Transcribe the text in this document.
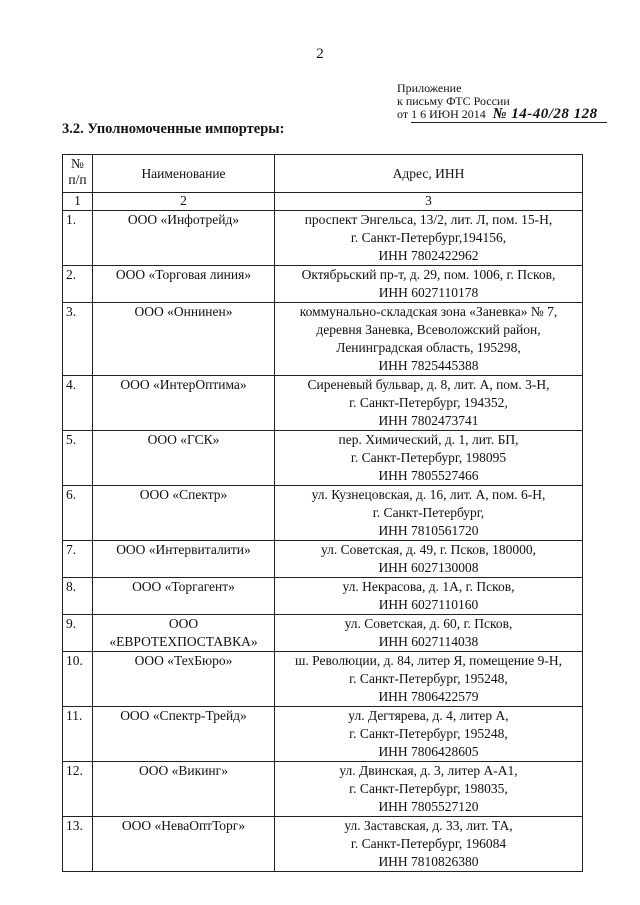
2
Приложение
к письму ФТС России
от 1 6 ИЮН 2014 № 14-40/28 128
3.2. Уполномоченные импортеры:
№ п/п	Наименование	Адрес, ИНН
1	2	3
1.	ООО «Инфотрейд»	проспект Энгельса, 13/2, лит. Л, пом. 15-Н,
г. Санкт-Петербург,194156,
ИНН 7802422962

2.	ООО «Торговая линия»	Октябрьский пр-т, д. 29, пом. 1006, г. Псков,
ИНН 6027110178

3.	ООО «Оннинен»	коммунально-складская зона «Заневка» № 7,
деревня Заневка, Всеволожский район,
Ленинградская область, 195298,
ИНН 7825445388

4.	ООО «ИнтерОптима»	Сиреневый бульвар, д. 8, лит. А, пом. 3-Н,
г. Санкт-Петербург, 194352,
ИНН 7802473741

5.	ООО «ГСК»	пер. Химический, д. 1, лит. БП,
г. Санкт-Петербург, 198095
ИНН 7805527466

6.	ООО «Спектр»	ул. Кузнецовская, д. 16, лит. А, пом. 6-Н,
г. Санкт-Петербург,
ИНН 7810561720

7.	ООО «Интервиталити»	ул. Советская, д. 49, г. Псков, 180000,
ИНН 6027130008

8.	ООО «Торгагент»	ул. Некрасова, д. 1А, г. Псков,
ИНН 6027110160

9.	ООО «ЕВРОТЕХПОСТАВКА»	ул. Советская, д. 60, г. Псков,
ИНН 6027114038

10.	ООО «ТехБюро»	ш. Революции, д. 84, литер Я, помещение 9-Н,
г. Санкт-Петербург, 195248,
ИНН 7806422579

11.	ООО «Спектр-Трейд»	ул. Дегтярева, д. 4, литер А,
г. Санкт-Петербург, 195248,
ИНН 7806428605

12.	ООО «Викинг»	ул. Двинская, д. 3, литер А-А1,
г. Санкт-Петербург, 198035,
ИНН 7805527120

13.	ООО «НеваОптТорг»	ул. Заставская, д. 33, лит. ТА,
г. Санкт-Петербург, 196084
ИНН 7810826380
